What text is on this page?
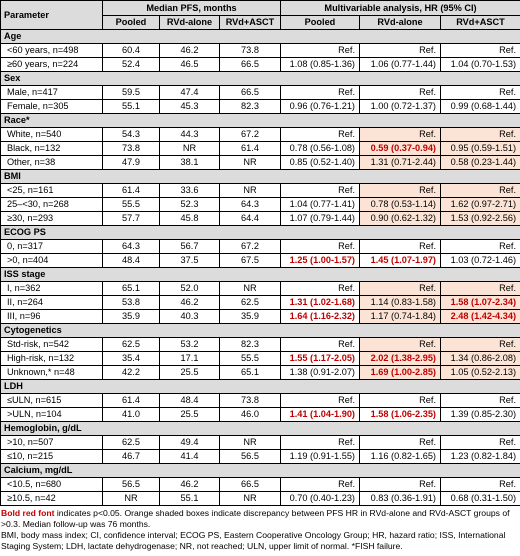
Parameter	Median PFS, months			Multivariable analysis, HR (95% CI)		
	Pooled	RVd-alone	RVd+ASCT	Pooled	RVd-alone	RVd+ASCT
Age						
<60 years, n=498	60.4	46.2	73.8	Ref.	Ref.	Ref.
≥60 years, n=224	52.4	46.5	66.5	1.08 (0.85-1.36)	1.06 (0.77-1.44)	1.04 (0.70-1.53)
Sex						
Male, n=417	59.5	47.4	66.5	Ref.	Ref.	Ref.
Female, n=305	55.1	45.3	82.3	0.96 (0.76-1.21)	1.00 (0.72-1.37)	0.99 (0.68-1.44)
Race*						
White, n=540	54.3	44.3	67.2	Ref.	Ref.	Ref.
Black, n=132	73.8	NR	61.4	0.78 (0.56-1.08)	0.59 (0.37-0.94)	0.95 (0.59-1.51)
Other, n=38	47.9	38.1	NR	0.85 (0.52-1.40)	1.31 (0.71-2.44)	0.58 (0.23-1.44)
BMI						
<25, n=161	61.4	33.6	NR	Ref.	Ref.	Ref.
25–<30, n=268	55.5	52.3	64.3	1.04 (0.77-1.41)	0.78 (0.53-1.14)	1.62 (0.97-2.71)
≥30, n=293	57.7	45.8	64.4	1.07 (0.79-1.44)	0.90 (0.62-1.32)	1.53 (0.92-2.56)
ECOG PS						
0, n=317	64.3	56.7	67.2	Ref.	Ref.	Ref.
>0, n=404	48.4	37.5	67.5	1.25 (1.00-1.57)	1.45 (1.07-1.97)	1.03 (0.72-1.46)
ISS stage						
I, n=362	65.1	52.0	NR	Ref.	Ref.	Ref.
II, n=264	53.8	46.2	62.5	1.31 (1.02-1.68)	1.14 (0.83-1.58)	1.58 (1.07-2.34)
III, n=96	35.9	40.3	35.9	1.64 (1.16-2.32)	1.17 (0.74-1.84)	2.48 (1.42-4.34)
Cytogenetics						
Std-risk, n=542	62.5	53.2	82.3	Ref.	Ref.	Ref.
High-risk, n=132	35.4	17.1	55.5	1.55 (1.17-2.05)	2.02 (1.38-2.95)	1.34 (0.86-2.08)
Unknown,* n=48	42.2	25.5	65.1	1.38 (0.91-2.07)	1.69 (1.00-2.85)	1.05 (0.52-2.13)
LDH						
≤ULN, n=615	61.4	48.4	73.8	Ref.	Ref.	Ref.
>ULN, n=104	41.0	25.5	46.0	1.41 (1.04-1.90)	1.58 (1.06-2.35)	1.39 (0.85-2.30)
Hemoglobin, g/dL						
>10, n=507	62.5	49.4	NR	Ref.	Ref.	Ref.
≤10, n=215	46.7	41.4	56.5	1.19 (0.91-1.55)	1.16 (0.82-1.65)	1.23 (0.82-1.84)
Calcium, mg/dL						
<10.5, n=680	56.5	46.2	66.5	Ref.	Ref.	Ref.
≥10.5, n=42	NR	55.1	NR	0.70 (0.40-1.23)	0.83 (0.36-1.91)	0.68 (0.31-1.50)
Bold red font indicates p<0.05. Orange shaded boxes indicate discrepancy between PFS HR in RVd-alone and RVd-ASCT groups of >0.3. Median follow-up was 76 months.
BMI, body mass index; CI, confidence interval; ECOG PS, Eastern Cooperative Oncology Group; HR, hazard ratio; ISS, International Staging System; LDH, lactate dehydrogenase; NR, not reached; ULN, upper limit of normal. *FISH failure.
